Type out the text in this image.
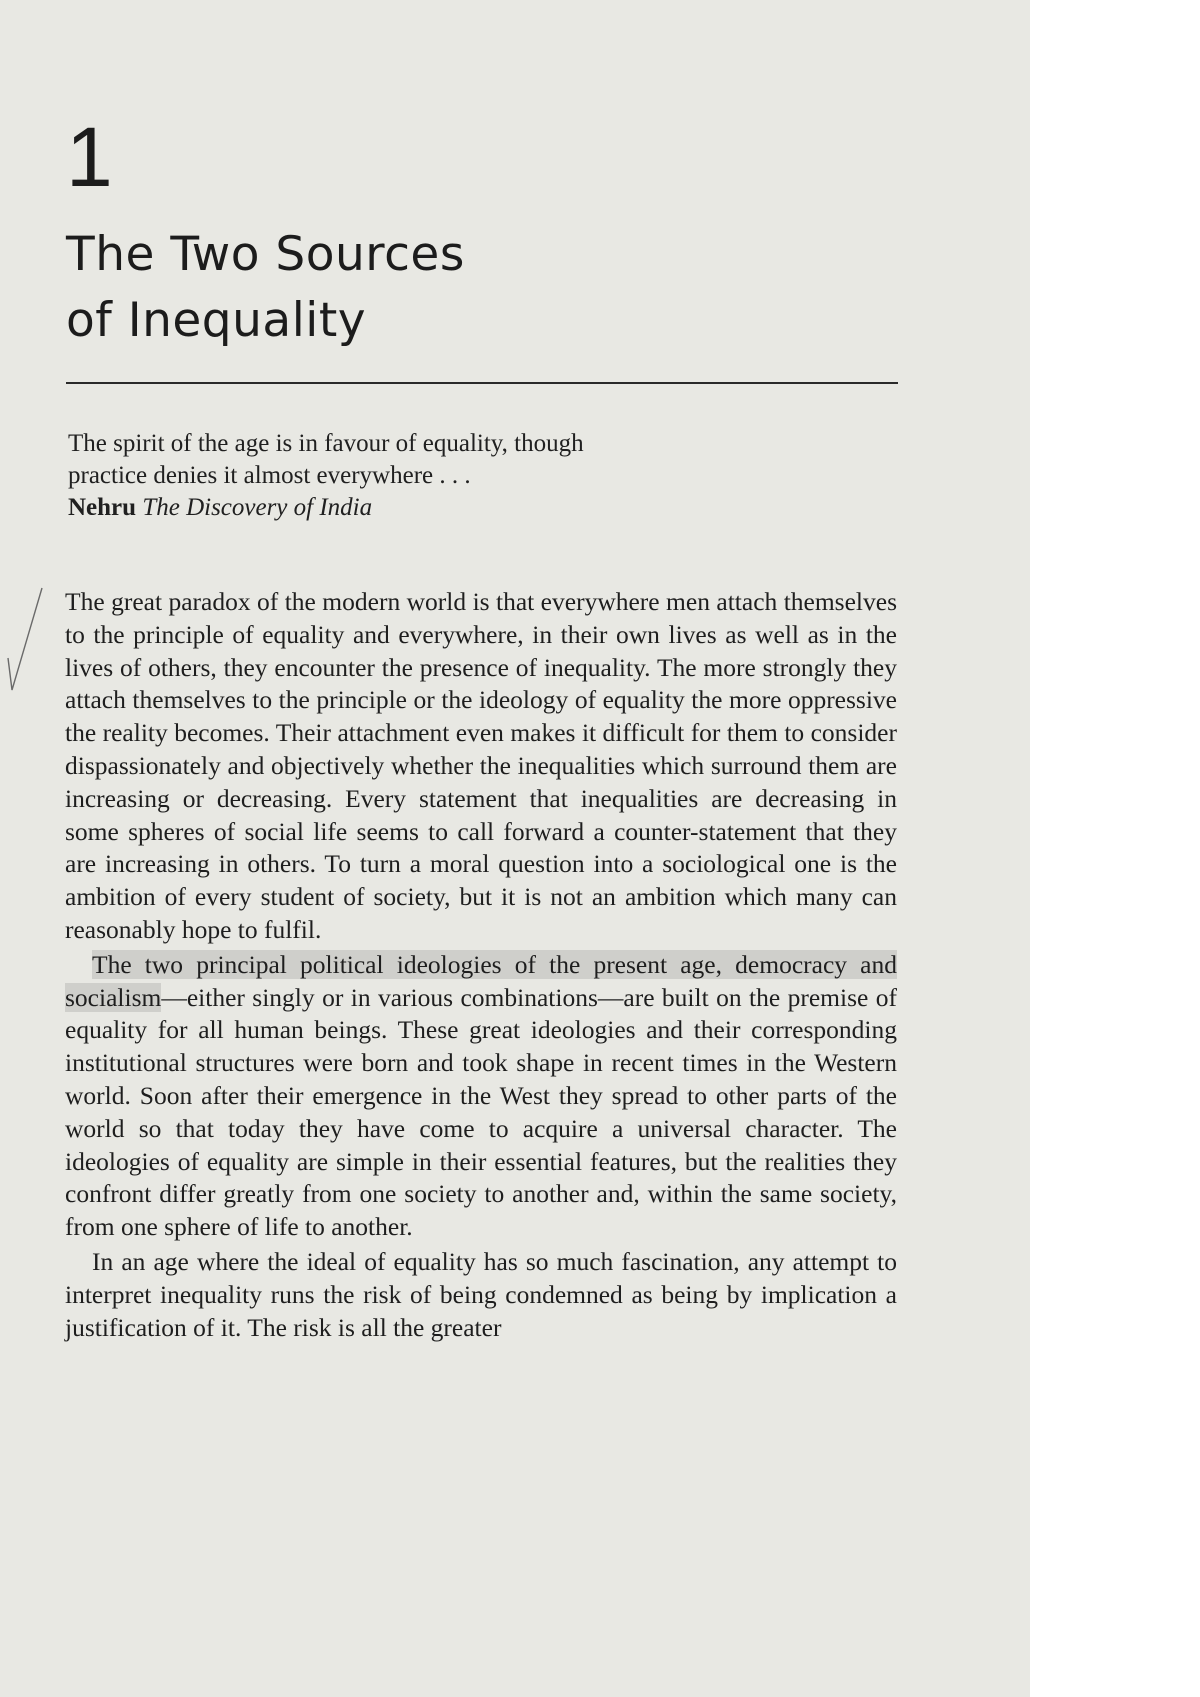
1
The Two Sources
of Inequality
The spirit of the age is in favour of equality, though
practice denies it almost everywhere . . .
Nehru The Discovery of India

The great paradox of the modern world is that everywhere men attach themselves to the principle of equality and everywhere, in their own lives as well as in the lives of others, they encounter the presence of inequality. The more strongly they attach themselves to the principle or the ideology of equality the more oppressive the reality becomes. Their attachment even makes it difficult for them to consider dispassionately and objectively whether the inequalities which surround them are increasing or decreasing. Every statement that inequalities are decreasing in some spheres of social life seems to call forward a counter-statement that they are increasing in others. To turn a moral question into a sociological one is the ambition of every student of society, but it is not an ambition which many can reasonably hope to fulfil.

The two principal political ideologies of the present age, democracy and socialism—either singly or in various combinations—are built on the premise of equality for all human beings. These great ideologies and their corresponding institutional structures were born and took shape in recent times in the Western world. Soon after their emergence in the West they spread to other parts of the world so that today they have come to acquire a universal character. The ideologies of equality are simple in their essential features, but the realities they confront differ greatly from one society to another and, within the same society, from one sphere of life to another.

In an age where the ideal of equality has so much fascination, any attempt to interpret inequality runs the risk of being condemned as being by implication a justification of it. The risk is all the greater
